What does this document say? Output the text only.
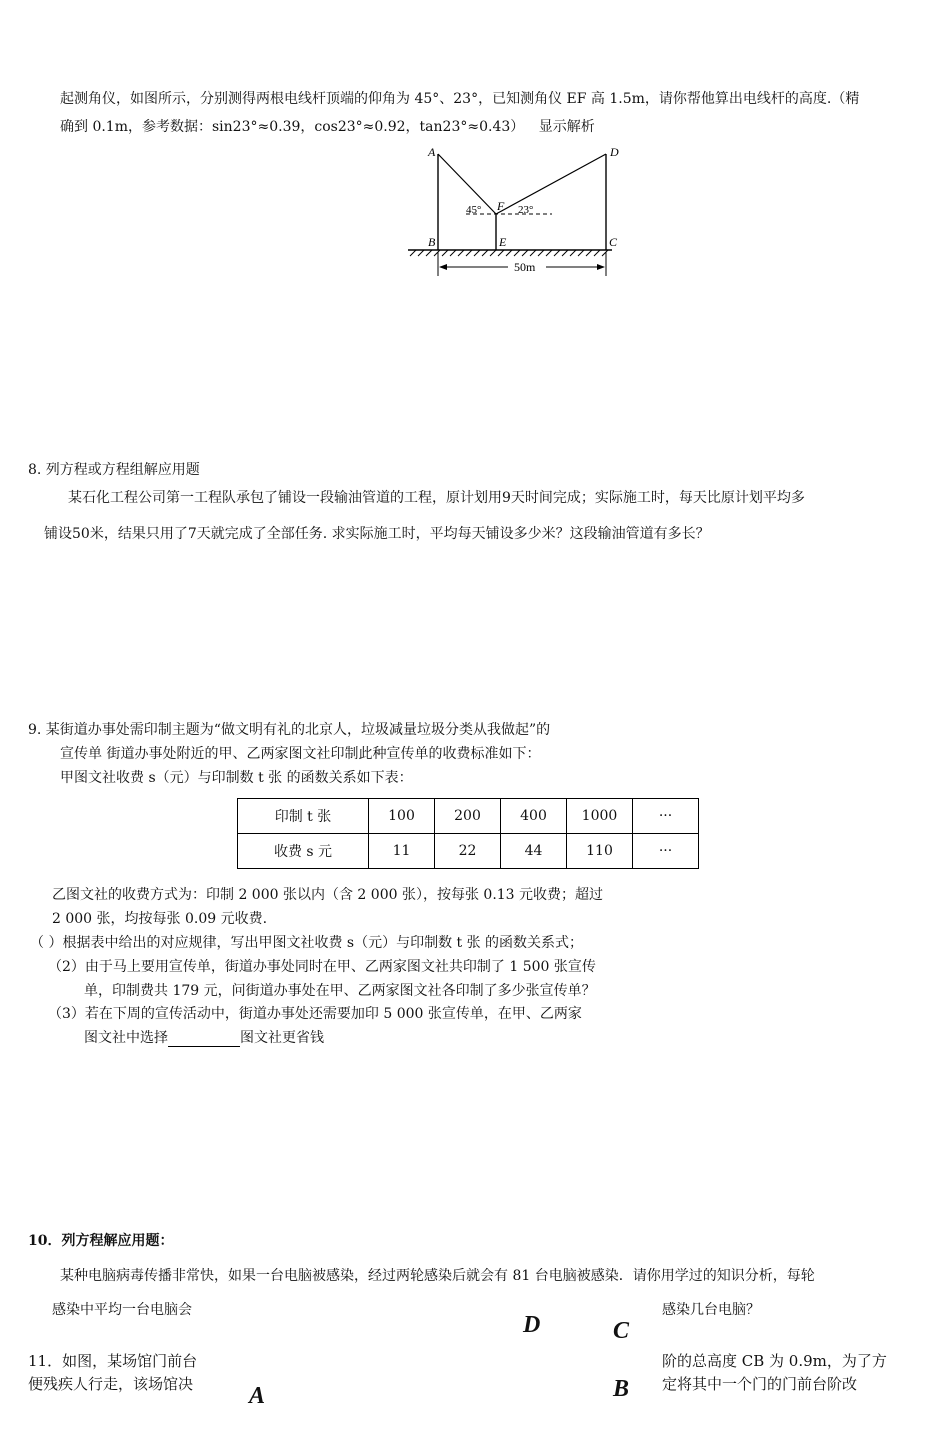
起测角仪，如图所示，分别测得两根电线杆顶端的仰角为 45°、23°，已知测角仪 EF 高 1.5m，请你帮他算出电线杆的高度.（精
确到 0.1m，参考数据：sin23°≈0.39，cos23°≈0.92，tan23°≈0.43） 显示解析
A	D
B	C
E
F
45°	23°
50m
8. 列方程或方程组解应用题
某石化工程公司第一工程队承包了铺设一段输油管道的工程，原计划用9天时间完成；实际施工时，每天比原计划平均多
铺设50米，结果只用了7天就完成了全部任务. 求实际施工时，平均每天铺设多少米？这段输油管道有多长？
9. 某街道办事处需印制主题为“做文明有礼的北京人，垃圾减量垃圾分类从我做起”的
宣传单 街道办事处附近的甲、乙两家图文社印制此种宣传单的收费标准如下：
甲图文社收费 s（元）与印制数 t 张 的函数关系如下表：
印制 t 张	100	200	400	1000	···
收费 s 元	11	22	44	110	···
乙图文社的收费方式为：印制 2 000 张以内（含 2 000 张），按每张 0.13 元收费；超过
2 000 张，均按每张 0.09 元收费.
（ ）根据表中给出的对应规律，写出甲图文社收费 s（元）与印制数 t 张 的函数关系式；
（2）由于马上要用宣传单，街道办事处同时在甲、乙两家图文社共印制了 1 500 张宣传
单，印制费共 179 元，问街道办事处在甲、乙两家图文社各印制了多少张宣传单？
（3）若在下周的宣传活动中，街道办事处还需要加印 5 000 张宣传单，在甲、乙两家
图文社中选择	图文社更省钱
10．列方程解应用题：
某种电脑病毒传播非常快，如果一台电脑被感染，经过两轮感染后就会有 81 台电脑被感染．请你用学过的知识分析，每轮
感染中平均一台电脑会	感染几台电脑？
11．如图，某场馆门前台
便残疾人行走，该场馆决
阶的总高度 CB 为 0.9m，为了方
定将其中一个门的门前台阶改
D	C
A	B
